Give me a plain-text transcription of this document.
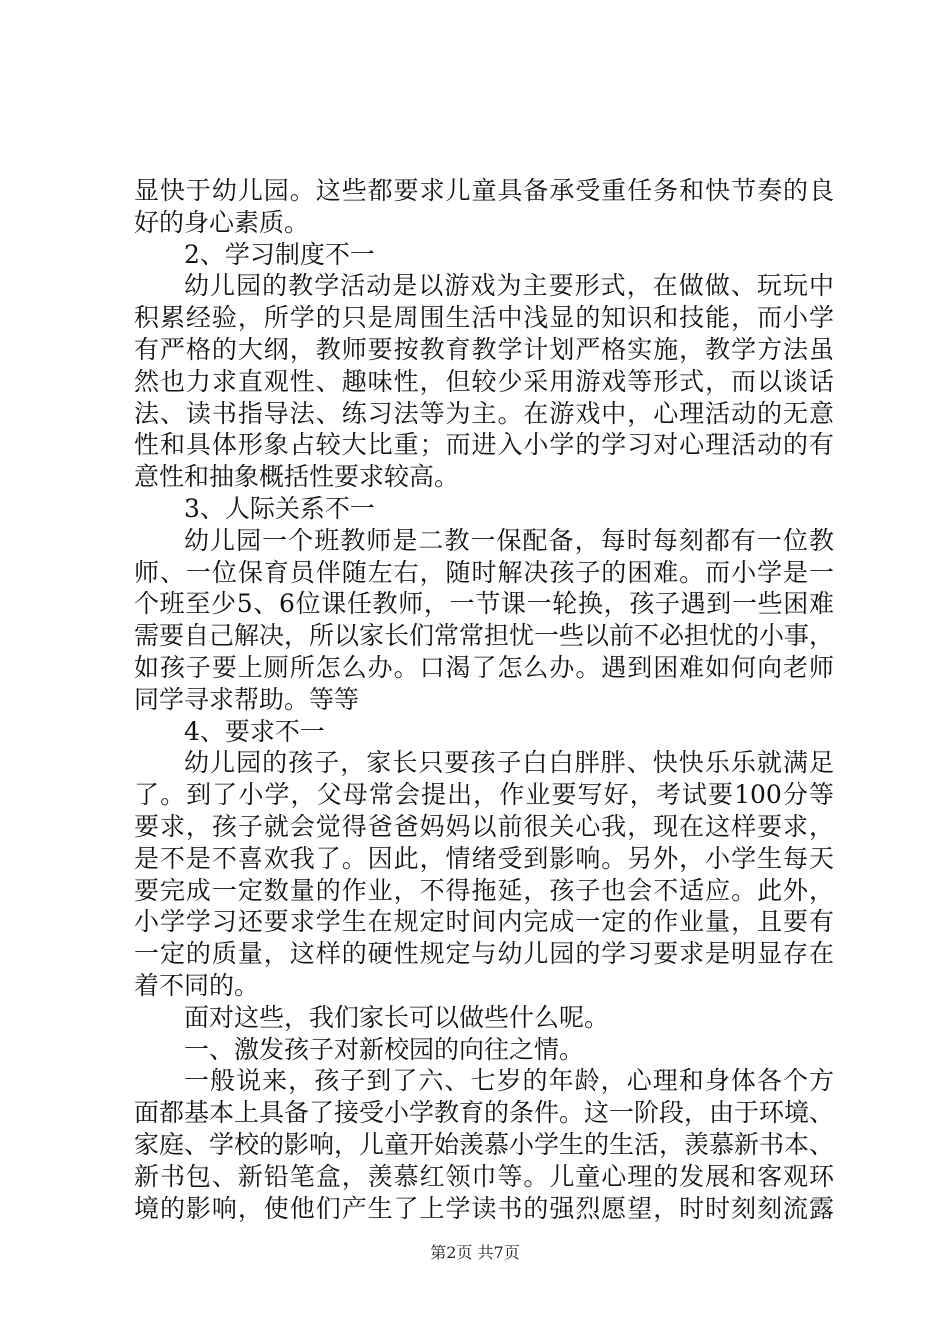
显快于幼儿园。这些都要求儿童具备承受重任务和快节奏的良
好的身心素质。
2、学习制度不一
幼儿园的教学活动是以游戏为主要形式，在做做、玩玩中
积累经验，所学的只是周围生活中浅显的知识和技能，而小学
有严格的大纲，教师要按教育教学计划严格实施，教学方法虽
然也力求直观性、趣味性，但较少采用游戏等形式，而以谈话
法、读书指导法、练习法等为主。在游戏中，心理活动的无意
性和具体形象占较大比重；而进入小学的学习对心理活动的有
意性和抽象概括性要求较高。
3、人际关系不一
幼儿园一个班教师是二教一保配备，每时每刻都有一位教
师、一位保育员伴随左右，随时解决孩子的困难。而小学是一
个班至少5、6位课任教师，一节课一轮换，孩子遇到一些困难
需要自己解决，所以家长们常常担忧一些以前不必担忧的小事，
如孩子要上厕所怎么办。口渴了怎么办。遇到困难如何向老师
同学寻求帮助。等等
4、要求不一
幼儿园的孩子，家长只要孩子白白胖胖、快快乐乐就满足
了。到了小学，父母常会提出，作业要写好，考试要100分等
要求，孩子就会觉得爸爸妈妈以前很关心我，现在这样要求，
是不是不喜欢我了。因此，情绪受到影响。另外，小学生每天
要完成一定数量的作业，不得拖延，孩子也会不适应。此外，
小学学习还要求学生在规定时间内完成一定的作业量，且要有
一定的质量，这样的硬性规定与幼儿园的学习要求是明显存在
着不同的。
面对这些，我们家长可以做些什么呢。
一、激发孩子对新校园的向往之情。
一般说来，孩子到了六、七岁的年龄，心理和身体各个方
面都基本上具备了接受小学教育的条件。这一阶段，由于环境、
家庭、学校的影响，儿童开始羡慕小学生的生活，羡慕新书本、
新书包、新铅笔盒，羡慕红领巾等。儿童心理的发展和客观环
境的影响，使他们产生了上学读书的强烈愿望，时时刻刻流露
第2页 共7页
